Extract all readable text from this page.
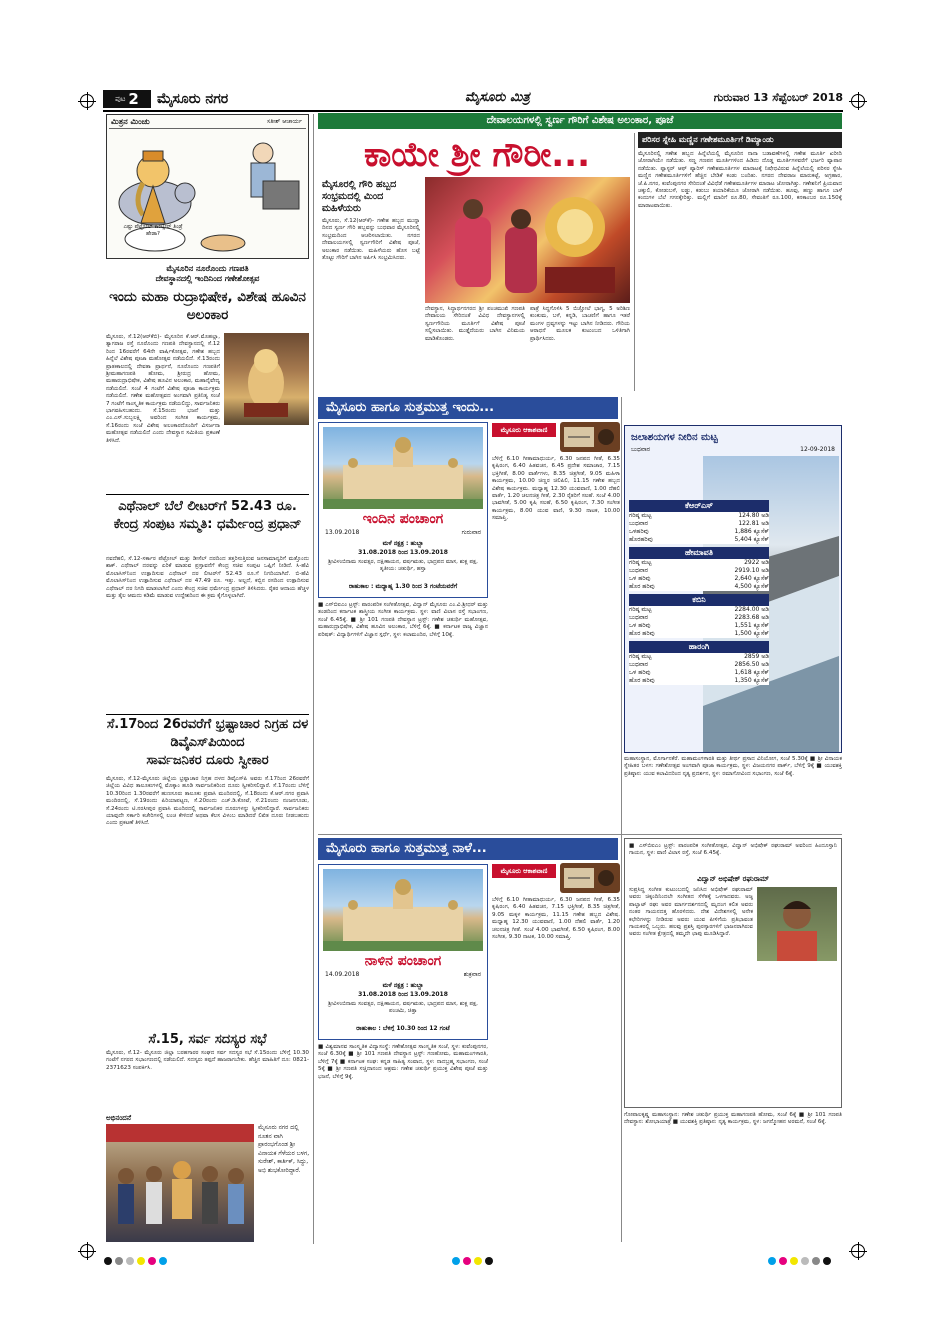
ಪುಟ 2 ಮೈಸೂರು ನಗರ	ಮೈಸೂರು ಮಿತ್ರ	ಗುರುವಾರ 13 ಸೆಪ್ಟೆಂಬರ್ 2018
ಮಿತ್ರನ ಮಿಂಚು	ಸತೀಶ್ ಆಚಾರ್ಯ
ಎಷ್ಟು ಪೆಟ್ರೋಲ್ ಹಿಂಟ್ಲೀರ್ ತಿಂಡ್ರೆ ಹೇಡಾ?
ಮೈಸೂರಿನ ನೂರೊಂದು ಗಣಪತಿ
ದೇವಸ್ಥಾನದಲ್ಲಿ ಇಂದಿನಿಂದ ಗಣೇಶೋತ್ಸವ
ಇಂದು ಮಹಾ ರುದ್ರಾಭಿಷೇಕ, ವಿಶೇಷ ಹೂವಿನ ಅಲಂಕಾರ
ಮೈಸೂರು, ಸೆ.12(ಆರ್‌ಕೆಬಿ)- ಮೈಸೂರಿನ ಕೆ.ಆರ್.ಮೊಹಲ್ಲಾ, ತ್ಯಾಗರಾಜ ರಸ್ತೆ ನೂರೊಂದು ಗಣಪತಿ ದೇವಸ್ಥಾನದಲ್ಲಿ ಸೆ.12 ರಿಂದ 16ರವರೆಗೆ 64ನೇ ವಾರ್ಷಿಕೋತ್ಸವ, ಗಣೇಶ ಹಬ್ಬದ ಹಿನ್ನೆಲೆ ವಿಶೇಷ ಪೂಜಾ ಮಹೋತ್ಸವ ನಡೆಯಲಿದೆ. ಸೆ.13ರಂದು ಪ್ರಾತಃಕಾಲದಲ್ಲಿ ದೇವತಾ ಪ್ರಾರ್ಥನೆ, ನೂರೊಂದು ಗಣಪತಿಗೆ ಶ್ರೀಮಹಾಗಣಪತಿ ಹೋಮ, ಶ್ರೀರುದ್ರ ಹೋಮ, ಮಹಾರುದ್ರಾಭಿಷೇಕ, ವಿಶೇಷ ಹೂವಿನ ಅಲಂಕಾರ, ಮಹಾನೈವೇದ್ಯ ನಡೆಯಲಿದೆ. ಸಂಜೆ 4 ಗಂಟೆಗೆ ವಿಶೇಷ ಪೂಜಾ ಕಾರ್ಯಕ್ರಮ ನಡೆಯಲಿದೆ. ಗಣೇಶ ಮಹೋತ್ಸವದ ಅಂಗವಾಗಿ ಪ್ರತಿನಿತ್ಯ ಸಂಜೆ 7 ಗಂಟೆಗೆ ಸಾಂಸ್ಕೃತಿಕ ಕಾರ್ಯಕ್ರಮ ನಡೆಯಲಿದ್ದು, ಸಾರ್ವಜನಿಕರು ಭಾಗವಹಿಸಬಹುದು. ಸೆ.15ರಂದು ಭಜನೆ ಮತ್ತು ಎಂ.ಎಸ್.ಸುಬ್ಬಲಕ್ಷ್ಮಿ ಅವರಿಂದ ಸಂಗೀತ ಕಾರ್ಯಕ್ರಮ, ಸೆ.16ರಂದು ಸಂಜೆ ವಿಶೇಷ ಅಲಂಕಾರದೊಂದಿಗೆ ವಿಸರ್ಜನಾ ಮಹೋತ್ಸವ ನಡೆಯಲಿದೆ ಎಂದು ದೇವಸ್ಥಾನ ಸಮಿತಿಯ ಪ್ರಕಟಣೆ ತಿಳಿಸಿದೆ.
ಎಥೆನಾಲ್ ಬೆಲೆ ಲೀಟರ್‌ಗೆ 52.43 ರೂ. ಕೇಂದ್ರ ಸಂಪುಟ ಸಮ್ಮತಿ: ಧರ್ಮೇಂದ್ರ ಪ್ರಧಾನ್
ನವದೆಹಲಿ, ಸೆ.12-ಸರ್ಕಾರ ಪೆಟ್ರೋಲ್ ಮತ್ತು ಡೀಸೆಲ್ ದರದಿಂದ ತತ್ತರಿಸುತ್ತಿರುವ ಜನಸಾಮಾನ್ಯರಿಗೆ ಮತ್ತೊಂದು ಶಾಕ್. ಎಥೆನಾಲ್ ದರವನ್ನು ಏರಿಕೆ ಮಾಡುವ ಪ್ರಸ್ತಾವನೆಗೆ ಕೇಂದ್ರ ಸಚಿವ ಸಂಪುಟ ಒಪ್ಪಿಗೆ ನೀಡಿದೆ. ಸಿ-ಹೆವಿ ಮೊಲಾಸಿಸ್‌ನಿಂದ ಉತ್ಪಾದಿಸುವ ಎಥೆನಾಲ್ ದರ ಲೀಟರ್‌ಗೆ 52.43 ರೂ.ಗೆ ನಿಗದಿಯಾಗಿದೆ. ಬಿ-ಹೆವಿ ಮೊಲಾಸಿಸ್‌ನಿಂದ ಉತ್ಪಾದಿಸುವ ಎಥೆನಾಲ್ ದರ 47.49 ರೂ. ಇತ್ತು. ಅಲ್ಲದೆ, ಕಬ್ಬಿನ ರಸದಿಂದ ಉತ್ಪಾದಿಸುವ ಎಥೆನಾಲ್ ದರ ನಿಗದಿ ಮಾಡಲಾಗಿದೆ ಎಂದು ಕೇಂದ್ರ ಸಚಿವ ಧರ್ಮೇಂದ್ರ ಪ್ರಧಾನ್ ತಿಳಿಸಿದರು. ರೈತರ ಆದಾಯ ಹೆಚ್ಚಳ ಮತ್ತು ತೈಲ ಆಮದು ಕಡಿಮೆ ಮಾಡುವ ಉದ್ದೇಶದಿಂದ ಈ ಕ್ರಮ ಕೈಗೊಳ್ಳಲಾಗಿದೆ.
ಸೆ.17ರಿಂದ 26ರವರೆಗೆ ಭ್ರಷ್ಟಾಚಾರ ನಿಗ್ರಹ ದಳ ಡಿವೈಎಸ್‌ಪಿಯಿಂದ
ಸಾರ್ವಜನಿಕರ ದೂರು ಸ್ವೀಕಾರ
ಮೈಸೂರು, ಸೆ.12-ಮೈಸೂರು ಜಿಲ್ಲೆಯ ಭ್ರಷ್ಟಾಚಾರ ನಿಗ್ರಹ ದಳದ ಡಿವೈಎಸ್‌ಪಿ ಅವರು ಸೆ.17ರಿಂದ 26ರವರೆಗೆ ಜಿಲ್ಲೆಯ ವಿವಿಧ ತಾಲೂಕುಗಳಲ್ಲಿ ಮೊಕ್ಕಾಂ ಹೂಡಿ ಸಾರ್ವಜನಿಕರಿಂದ ದೂರು ಸ್ವೀಕರಿಸಲಿದ್ದಾರೆ. ಸೆ.17ರಂದು ಬೆಳಿಗ್ಗೆ 10.30ರಿಂದ 1.30ರವರೆಗೆ ಹುಣಸೂರು ತಾಲೂಕು ಪ್ರವಾಸಿ ಮಂದಿರದಲ್ಲಿ, ಸೆ.18ರಂದು ಕೆ.ಆರ್.ನಗರ ಪ್ರವಾಸಿ ಮಂದಿರದಲ್ಲಿ, ಸೆ.19ರಂದು ಪಿರಿಯಾಪಟ್ಟಣ, ಸೆ.20ರಂದು ಎಚ್.ಡಿ.ಕೋಟೆ, ಸೆ.21ರಂದು ನಂಜನಗೂಡು, ಸೆ.24ರಂದು ಟಿ.ನರಸೀಪುರ ಪ್ರವಾಸಿ ಮಂದಿರದಲ್ಲಿ ಸಾರ್ವಜನಿಕರ ದೂರುಗಳನ್ನು ಸ್ವೀಕರಿಸಲಿದ್ದಾರೆ. ಸಾರ್ವಜನಿಕರು ಯಾವುದೇ ಸರ್ಕಾರಿ ಕಚೇರಿಗಳಲ್ಲಿ ಲಂಚ ಕೇಳಿದರೆ ಅಥವಾ ಕೆಲಸ ವಿಳಂಬ ಮಾಡಿದರೆ ಲಿಖಿತ ದೂರು ನೀಡಬಹುದು ಎಂದು ಪ್ರಕಟಣೆ ತಿಳಿಸಿದೆ.
ಸೆ.15, ಸರ್ವ ಸದಸ್ಯರ ಸಭೆ
ಮೈಸೂರು, ಸೆ.12- ಮೈಸೂರು ಜಿಲ್ಲಾ ಬರಹಗಾರರ ಸಂಘದ ಸರ್ವ ಸದಸ್ಯರ ಸಭೆ ಸೆ.15ರಂದು ಬೆಳಿಗ್ಗೆ 10.30 ಗಂಟೆಗೆ ನಗರದ ಸಭಾಂಗಣದಲ್ಲಿ ನಡೆಯಲಿದೆ. ಸದಸ್ಯರು ತಪ್ಪದೆ ಹಾಜರಾಗಬೇಕು. ಹೆಚ್ಚಿನ ಮಾಹಿತಿಗೆ ದೂ: 0821-2371623 ಸಂಪರ್ಕಿಸಿ.
ಅಭಿನಂದನೆ
ಮೈಸೂರು ನಗರ ದಲ್ಲಿ ನೂತನ ವಾಗಿ ಪ್ರಾರಂಭಗೊಂಡ ಶ್ರೀ ವಿನಾಯಕ ಗೆಳೆಯರ ಬಳಗ, ಸುರೇಶ್, ಕಾರ್ತಿಕ್, ಸಿದ್ಧು, ಅಭಿ ಶುಭಕೋರಿದ್ದಾರೆ.
ದೇವಾಲಯಗಳಲ್ಲಿ ಸ್ವರ್ಣ ಗೌರಿಗೆ ವಿಶೇಷ ಅಲಂಕಾರ, ಪೂಜೆ
ಕಾಯೇ ಶ್ರೀ ಗೌರೀ...
ಮೈಸೂರಲ್ಲಿ ಗೌರಿ ಹಬ್ಬದ ಸಂಭ್ರಮದಲ್ಲಿ ಮಿಂದ ಮಹಿಳೆಯರು
ಮೈಸೂರು, ಸೆ.12(ಆರ್‌ಕೆ)- ಗಣೇಶ ಹಬ್ಬದ ಮುನ್ನಾ ದಿನದ ಸ್ವರ್ಣ ಗೌರಿ ಹಬ್ಬವನ್ನು ಬುಧವಾರ ಮೈಸೂರಿನಲ್ಲಿ ಸಂಭ್ರಮದಿಂದ ಆಚರಿಸಲಾಯಿತು. ನಗರದ ದೇವಾಲಯಗಳಲ್ಲಿ ಸ್ವರ್ಣಗೌರಿಗೆ ವಿಶೇಷ ಪೂಜೆ, ಅಲಂಕಾರ ನಡೆಯಿತು. ಮಹಿಳೆಯರು ಹೊಸ ಬಟ್ಟೆ ತೊಟ್ಟು ಗೌರಿಗೆ ಬಾಗಿನ ಅರ್ಪಿಸಿ ಸಂಭ್ರಮಿಸಿದರು.
ದೇವಸ್ಥಾನ, ಸಿದ್ಧಾರ್ಥನಗರದ ಶ್ರೀ ಪಂಚಮುಖಿ ಗಣಪತಿ ದೇವಾಲಯ ಸೇರಿದಂತೆ ವಿವಿಧ ದೇವಸ್ಥಾನಗಳಲ್ಲಿ ಸ್ವರ್ಣಗೌರಿಯ ಮೂರ್ತಿಗೆ ವಿಶೇಷ ಪೂಜೆ ಸಲ್ಲಿಸಲಾಯಿತು. ಮುತ್ತೈದೆಯರು ಬಾಗಿನ ವಿನಿಮಯ ಮಾಡಿಕೊಂಡರು.
ಪಾತ್ರೆ ಸಿದ್ಧಗೊಳಿಸಿ 5 ಬಿಚ್ಚೋಲೆ ಭಾಗ್ಯ, 5 ಅರಿಶಿಣ ಕುಂಕುಮ, ಬಳೆ, ಕನ್ನಡಿ, ಬಾಚಣಿಗೆ ಹಾಗೂ ಇತರೆ ಮಂಗಳ ದ್ರವ್ಯಗಳನ್ನು ಇಟ್ಟು ಬಾಗಿನ ನೀಡಿದರು. ಗೌರಿಯ ಆರಾಧನೆ ಮೂಲಕ ಕುಟುಂಬದ ಒಳಿತಿಗಾಗಿ ಪ್ರಾರ್ಥಿಸಿದರು.
ಪರಿಸರ ಸ್ನೇಹಿ ಮಣ್ಣಿನ ಗಣೇಶಮೂರ್ತಿಗೆ ಡಿಮ್ಯಾಂಡು
ಮೈಸೂರಿನಲ್ಲಿ ಗಣೇಶ ಹಬ್ಬದ ಹಿನ್ನೆಲೆಯಲ್ಲಿ ಮೈಸೂರಿನ ನಾನಾ ಬಡಾವಣೆಗಳಲ್ಲಿ ಗಣೇಶ ಮೂರ್ತಿ ಖರೀದಿ ಜೋರಾಗಿಯೇ ನಡೆಯಿತು. ಸಣ್ಣ ಗಣಪನ ಮೂರ್ತಿಗಳಿಂದ ಹಿಡಿದು ದೊಡ್ಡ ಮೂರ್ತಿಗಳವರೆಗೆ ಭರ್ಜರಿ ವ್ಯಾಪಾರ ನಡೆಯಿತು. ಪ್ಲಾಸ್ಟರ್ ಆಫ್ ಪ್ಯಾರಿಸ್ ಗಣೇಶಮೂರ್ತಿಗಳ ಮಾರಾಟಕ್ಕೆ ನಿಷೇಧವಿರುವ ಹಿನ್ನೆಲೆಯಲ್ಲಿ ಪರಿಸರ ಸ್ನೇಹಿ ಮಣ್ಣಿನ ಗಣೇಶಮೂರ್ತಿಗಳಿಗೆ ಹೆಚ್ಚಿನ ಬೇಡಿಕೆ ಕಂಡು ಬಂದಿತು. ನಗರದ ದೇವರಾಜ ಮಾರುಕಟ್ಟೆ, ಅಗ್ರಹಾರ, ಜೆ.ಪಿ.ನಗರ, ಕುವೆಂಪುನಗರ ಸೇರಿದಂತೆ ವಿವಿಧೆಡೆ ಗಣೇಶಮೂರ್ತಿಗಳ ಮಾರಾಟ ಜೋರಾಗಿತ್ತು. ಗಣೇಶನಿಗೆ ಪ್ರಿಯವಾದ ಚಕ್ಕುಲಿ, ಕೋಡುಬಳೆ, ಲಡ್ಡು, ಕಡುಬು ತಯಾರಿಕೆಯೂ ಜೋರಾಗಿ ನಡೆಯಿತು. ಹೂವು, ಹಣ್ಣು ಹಾಗೂ ಬಾಳೆ ಕಂದುಗಳ ಬೆಲೆ ಗಗನಕ್ಕೇರಿತ್ತು. ಮಲ್ಲಿಗೆ ಮಾರಿಗೆ ರೂ.80, ಸೇವಂತಿಗೆ ರೂ.100, ಕನಕಾಂಬರ ರೂ.150ಕ್ಕೆ ಮಾರಾಟವಾಯಿತು.
ಮೈಸೂರು ಹಾಗೂ ಸುತ್ತಮುತ್ತ ಇಂದು...
ಇಂದಿನ ಪಂಚಾಂಗ
13.09.2018	ಗುರುವಾರ
ಮಳೆ ನಕ್ಷತ್ರ : ಹುಬ್ಬಾ
31.08.2018 ರಿಂದ 13.09.2018
ಶ್ರೀವಿಳಂಬಿನಾಮ ಸಂವತ್ಸರ, ದಕ್ಷಿಣಾಯನ, ವರ್ಷಋತು, ಭಾದ್ರಪದ ಮಾಸ, ಶುಕ್ಲ ಪಕ್ಷ, ತೃತೀಯ: ಚತುರ್ಥಿ, ಹಸ್ತಾ
ರಾಹುಕಾಲ : ಮಧ್ಯಾಹ್ನ 1.30 ರಿಂದ 3 ಗಂಟೆಯವರೆಗೆ
■ ಎಸ್‌ಬಿಐಎಂ ಟ್ರಸ್ಟ್: ಪಾರಂಪರಿಕ ಸಂಗೀತೋತ್ಸವ, ವಿದ್ವಾನ್ ಮೈಸೂರು ಎಂ.ವಿ.ಶ್ರೀಧರ್ ಮತ್ತು ತಂಡದಿಂದ ಕರ್ನಾಟಕ ಶಾಸ್ತ್ರೀಯ ಸಂಗೀತ ಕಾರ್ಯಕ್ರಮ. ಸ್ಥಳ: ವಾಣಿ ವಿಲಾಸ ರಸ್ತೆ ಸಭಾಂಗಣ, ಸಂಜೆ 6.45ಕ್ಕೆ. ■ ಶ್ರೀ 101 ಗಣಪತಿ ದೇವಸ್ಥಾನ ಟ್ರಸ್ಟ್: ಗಣೇಶ ಚತುರ್ಥಿ ಮಹೋತ್ಸವ, ಮಹಾರುದ್ರಾಭಿಷೇಕ, ವಿಶೇಷ ಹೂವಿನ ಅಲಂಕಾರ, ಬೆಳಿಗ್ಗೆ 6ಕ್ಕೆ. ■ ಕರ್ನಾಟಕ ರಾಜ್ಯ ವಿಜ್ಞಾನ ಪರಿಷತ್: ವಿದ್ಯಾರ್ಥಿಗಳಿಗೆ ವಿಜ್ಞಾನ ಸ್ಪರ್ಧೆ, ಸ್ಥಳ: ಕಲಾಮಂದಿರ, ಬೆಳಿಗ್ಗೆ 10ಕ್ಕೆ.
ಮೈಸೂರು ಆಕಾಶವಾಣಿ
ಬೆಳಿಗ್ಗೆ 6.10 ಗೀತಾಮಾಧುರ್ಯ, 6.30 ಜನಪದ ಗೀತೆ, 6.35 ಕೃಷಿರಂಗ, 6.40 ಹಿತವಚನ, 6.45 ಪ್ರದೇಶ ಸಮಾಚಾರ, 7.15 ಭಕ್ತಿಗೀತೆ, 8.00 ವಾರ್ತೆಗಳು, 8.35 ಚಿತ್ರಗೀತೆ, 9.05 ಮಹಿಳಾ ಕಾರ್ಯಕ್ರಮ, 10.00 ಚಿಣ್ಣರ ಚಿಲಿಪಿಲಿ, 11.15 ಗಣೇಶ ಹಬ್ಬದ ವಿಶೇಷ ಕಾರ್ಯಕ್ರಮ. ಮಧ್ಯಾಹ್ನ 12.30 ಯುವವಾಣಿ, 1.00 ದೆಹಲಿ ವಾರ್ತೆ, 1.20 ಚಲನಚಿತ್ರ ಗೀತೆ, 2.30 ರೈತರಿಗೆ ಸಲಹೆ. ಸಂಜೆ 4.00 ಭಾವಗೀತೆ, 5.00 ಕೃಷಿ ಸಲಹೆ, 6.50 ಕೃಷಿರಂಗ, 7.30 ಸಂಗೀತ ಕಾರ್ಯಕ್ರಮ, 8.00 ಯುವ ವಾಣಿ, 9.30 ನಾಟಕ, 10.00 ಸಮಾಪ್ತಿ.
ಜಲಾಶಯಗಳ ನೀರಿನ ಮಟ್ಟ
ಬುಧವಾರ	12-09-2018
ಕೆಆರ್‌ಎಸ್
ಗರಿಷ್ಠ ಮಟ್ಟ	124.80 ಅಡಿ
ಬುಧವಾರ	122.81 ಅಡಿ
ಒಳಹರಿವು	1,886 ಕ್ಯೂಸೆಕ್
ಹೊರಹರಿವು	5,404 ಕ್ಯೂಸೆಕ್
ಹೇಮಾವತಿ
ಗರಿಷ್ಠ ಮಟ್ಟ	2922 ಅಡಿ
ಬುಧವಾರ	2919.10 ಅಡಿ
ಒಳ ಹರಿವು	2,640 ಕ್ಯೂಸೆಕ್
ಹೊರ ಹರಿವು	4,500 ಕ್ಯೂಸೆಕ್
ಕಬಿನಿ
ಗರಿಷ್ಠ ಮಟ್ಟ	2284.00 ಅಡಿ
ಬುಧವಾರ	2283.68 ಅಡಿ
ಒಳ ಹರಿವು	1,551 ಕ್ಯೂಸೆಕ್
ಹೊರ ಹರಿವು	1,500 ಕ್ಯೂಸೆಕ್
ಹಾರಂಗಿ
ಗರಿಷ್ಠ ಮಟ್ಟ	2859 ಅಡಿ
ಬುಧವಾರ	2856.50 ಅಡಿ
ಒಳ ಹರಿವು	1,618 ಕ್ಯೂಸೆಕ್
ಹೊರ ಹರಿವು	1,350 ಕ್ಯೂಸೆಕ್
ಮಹಾಸಂಸ್ಥಾನ, ಮೊರ್ಗಾನಕೆರೆ. ಮಹಾಮಂಗಳಾರತಿ ಮತ್ತು ತೀರ್ಥ ಪ್ರಸಾದ ವಿನಿಯೋಗ, ಸಂಜೆ 5.30ಕ್ಕೆ ■ ಶ್ರೀ ವಿನಾಯಕ ಸ್ನೇಹಿತರ ಬಳಗ: ಗಣೇಶೋತ್ಸವ ಅಂಗವಾಗಿ ಪೂಜಾ ಕಾರ್ಯಕ್ರಮ, ಸ್ಥಳ: ವಿಜಯನಗರ ಪಾರ್ಕ್, ಬೆಳಿಗ್ಗೆ 9ಕ್ಕೆ ■ ಯುವಶಕ್ತಿ ಪ್ರತಿಷ್ಠಾನ: ಯುವ ಕಲಾವಿದರಿಂದ ನೃತ್ಯ ಪ್ರದರ್ಶನ, ಸ್ಥಳ: ರಮಾಗೋವಿಂದ ಸಭಾಂಗಣ, ಸಂಜೆ 6ಕ್ಕೆ.
ಮೈಸೂರು ಹಾಗೂ ಸುತ್ತಮುತ್ತ ನಾಳೆ...
ನಾಳಿನ ಪಂಚಾಂಗ
14.09.2018	ಶುಕ್ರವಾರ
ಮಳೆ ನಕ್ಷತ್ರ : ಹುಬ್ಬಾ
31.08.2018 ರಿಂದ 13.09.2018
ಶ್ರೀವಿಳಂಬಿನಾಮ ಸಂವತ್ಸರ, ದಕ್ಷಿಣಾಯನ, ವರ್ಷಋತು, ಭಾದ್ರಪದ ಮಾಸ, ಶುಕ್ಲ ಪಕ್ಷ, ಪಂಚಮಿ, ಚಿತ್ತಾ
ರಾಹುಕಾಲ : ಬೆಳಿಗ್ಗೆ 10.30 ರಿಂದ 12 ಗಂಟೆ
■ ವಿಶ್ವಮಾನವ ಸಾಂಸ್ಕೃತಿಕ ವಿದ್ಯಾಸಂಸ್ಥೆ: ಗಣೇಶೋತ್ಸವ ಸಾಂಸ್ಕೃತಿಕ ಸಂಜೆ, ಸ್ಥಳ: ಕುವೆಂಪುನಗರ, ಸಂಜೆ 6.30ಕ್ಕೆ ■ ಶ್ರೀ 101 ಗಣಪತಿ ದೇವಸ್ಥಾನ ಟ್ರಸ್ಟ್: ಗಣಹೋಮ, ಮಹಾಮಂಗಳಾರತಿ, ಬೆಳಿಗ್ಗೆ 7ಕ್ಕೆ ■ ಕರ್ನಾಟಕ ಸಂಘ: ಕನ್ನಡ ಸಾಹಿತ್ಯ ಸಂವಾದ, ಸ್ಥಳ: ನಾದಬ್ರಹ್ಮ ಸಭಾಂಗಣ, ಸಂಜೆ 5ಕ್ಕೆ ■ ಶ್ರೀ ಗಣಪತಿ ಸಚ್ಚಿದಾನಂದ ಆಶ್ರಮ: ಗಣೇಶ ಚತುರ್ಥಿ ಪ್ರಯುಕ್ತ ವಿಶೇಷ ಪೂಜೆ ಮತ್ತು ಭಜನೆ, ಬೆಳಿಗ್ಗೆ 9ಕ್ಕೆ.
ಮೈಸೂರು ಆಕಾಶವಾಣಿ
ಬೆಳಿಗ್ಗೆ 6.10 ಗೀತಾಮಾಧುರ್ಯ, 6.30 ಜನಪದ ಗೀತೆ, 6.35 ಕೃಷಿರಂಗ, 6.40 ಹಿತವಚನ, 7.15 ಭಕ್ತಿಗೀತೆ, 8.35 ಚಿತ್ರಗೀತೆ, 9.05 ಮಕ್ಕಳ ಕಾರ್ಯಕ್ರಮ, 11.15 ಗಣೇಶ ಹಬ್ಬದ ವಿಶೇಷ. ಮಧ್ಯಾಹ್ನ 12.30 ಯುವವಾಣಿ, 1.00 ದೆಹಲಿ ವಾರ್ತೆ, 1.20 ಚಲನಚಿತ್ರ ಗೀತೆ. ಸಂಜೆ 4.00 ಭಾವಗೀತೆ, 6.50 ಕೃಷಿರಂಗ, 8.00 ಸಂಗೀತ, 9.30 ನಾಟಕ, 10.00 ಸಮಾಪ್ತಿ.
■ ಎಸ್‌ಬಿಐಎಂ ಟ್ರಸ್ಟ್: ಪಾರಂಪರಿಕ ಸಂಗೀತೋತ್ಸವ, ವಿದ್ವಾನ್ ಅಭಿಷೇಕ್ ರಘುರಾಮ್ ಅವರಿಂದ ಹಿಂದೂಸ್ತಾನಿ ಗಾಯನ, ಸ್ಥಳ: ವಾಣಿ ವಿಲಾಸ ರಸ್ತೆ, ಸಂಜೆ 6.45ಕ್ಕೆ.
ವಿದ್ವಾನ್ ಅಭಿಷೇಕ್ ರಘುರಾಮ್
ಸುಪ್ರಸಿದ್ಧ ಸಂಗೀತ ಕುಟುಂಬದಲ್ಲಿ ಜನಿಸಿದ ಅಭಿಷೇಕ್ ರಘುರಾಮ್ ಅವರು ಚಿಕ್ಕಂದಿನಿಂದಲೇ ಸಂಗೀತದ ಸೆಳೆತಕ್ಕೆ ಒಳಗಾದವರು. ಅಜ್ಜ ಪಾಲ್ಘಾಟ್ ರಘು ಅವರ ಮಾರ್ಗದರ್ಶನದಲ್ಲಿ ಮೃದಂಗ ಕಲಿತ ಅವರು ನಂತರ ಗಾಯನದತ್ತ ಹೊರಳಿದರು. ದೇಶ ವಿದೇಶಗಳಲ್ಲಿ ಅನೇಕ ಕಛೇರಿಗಳನ್ನು ನೀಡಿರುವ ಅವರು ಯುವ ಪೀಳಿಗೆಯ ಪ್ರತಿಭಾವಂತ ಗಾಯಕರಲ್ಲಿ ಒಬ್ಬರು. ಹಲವು ಪ್ರಶಸ್ತಿ ಪುರಸ್ಕಾರಗಳಿಗೆ ಭಾಜನರಾಗಿರುವ ಅವರು ಸಂಗೀತ ಕ್ಷೇತ್ರದಲ್ಲಿ ತಮ್ಮದೇ ಛಾಪು ಮೂಡಿಸಿದ್ದಾರೆ.
ಗೋಪಾಲಕೃಷ್ಣ ಮಹಾಸಂಸ್ಥಾನ: ಗಣೇಶ ಚತುರ್ಥಿ ಪ್ರಯುಕ್ತ ಮಹಾಗಣಪತಿ ಹೋಮ, ಸಂಜೆ 6ಕ್ಕೆ ■ ಶ್ರೀ 101 ಗಣಪತಿ ದೇವಸ್ಥಾನ: ಶೋಭಾಯಾತ್ರೆ ■ ಯುವಶಕ್ತಿ ಪ್ರತಿಷ್ಠಾನ: ನೃತ್ಯ ಕಾರ್ಯಕ್ರಮ, ಸ್ಥಳ: ಜಗನ್ಮೋಹನ ಅರಮನೆ, ಸಂಜೆ 6ಕ್ಕೆ.
